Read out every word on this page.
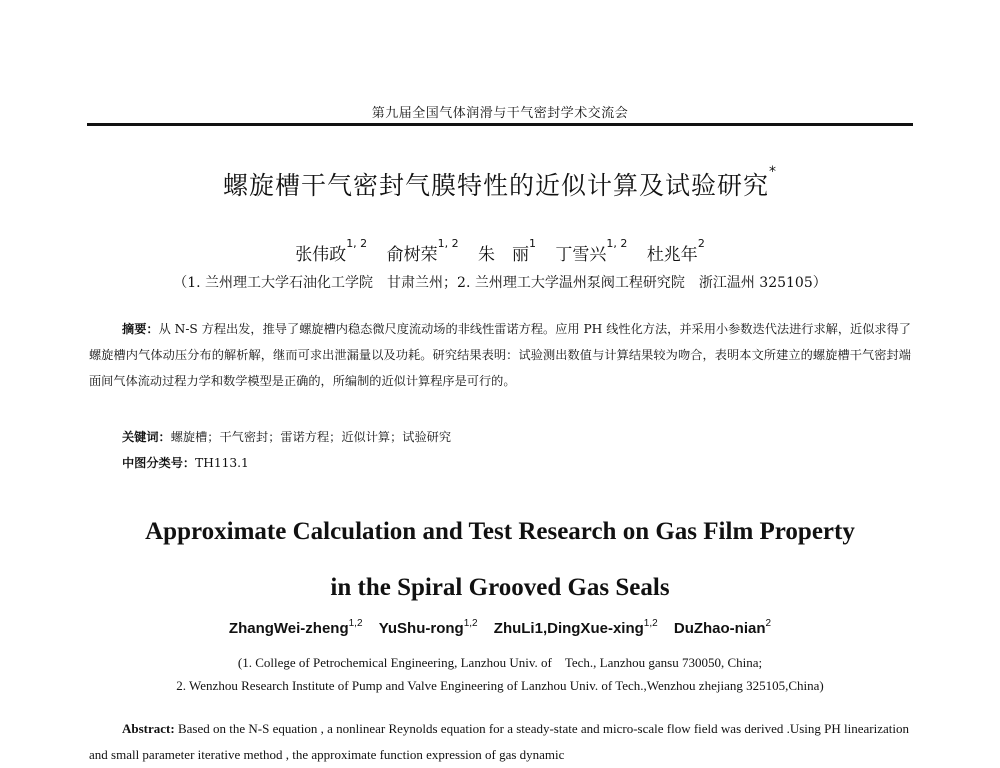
第九届全国气体润滑与干气密封学术交流会
螺旋槽干气密封气膜特性的近似计算及试验研究*
张伟政$^{1, 2}$ 俞树荣$^{1, 2}$ 朱　丽$^1$ 丁雪兴$^{1, 2}$ 杜兆年$^2$
（1. 兰州理工大学石油化工学院　甘肃兰州；2. 兰州理工大学温州泵阀工程研究院　浙江温州 325105）
摘要：从 N-S 方程出发，推导了螺旋槽内稳态微尺度流动场的非线性雷诺方程。应用 PH 线性化方法，并采用小参数迭代法进行求解，近似求得了螺旋槽内气体动压分布的解析解，继而可求出泄漏量以及功耗。研究结果表明：试验测出数值与计算结果较为吻合，表明本文所建立的螺旋槽干气密封端面间气体流动过程力学和数学模型是正确的，所编制的近似计算程序是可行的。
关键词：螺旋槽；干气密封；雷诺方程；近似计算；试验研究
中图分类号：TH113.1
Approximate Calculation and Test Research on Gas Film Property
in the Spiral Grooved Gas Seals
ZhangWei-zheng$^{1,2}$ YuShu-rong$^{1,2}$ ZhuLi1,DingXue-xing$^{1,2}$ DuZhao-nian$^2$
(1. College of Petrochemical Engineering, Lanzhou Univ. of　Tech., Lanzhou gansu 730050, China;
2. Wenzhou Research Institute of Pump and Valve Engineering of Lanzhou Univ. of Tech.,Wenzhou zhejiang 325105,China)
Abstract: Based on the N-S equation , a nonlinear Reynolds equation for a steady-state and micro-scale flow field was derived .Using PH linearization and small parameter iterative method , the approximate function expression of gas dynamic
